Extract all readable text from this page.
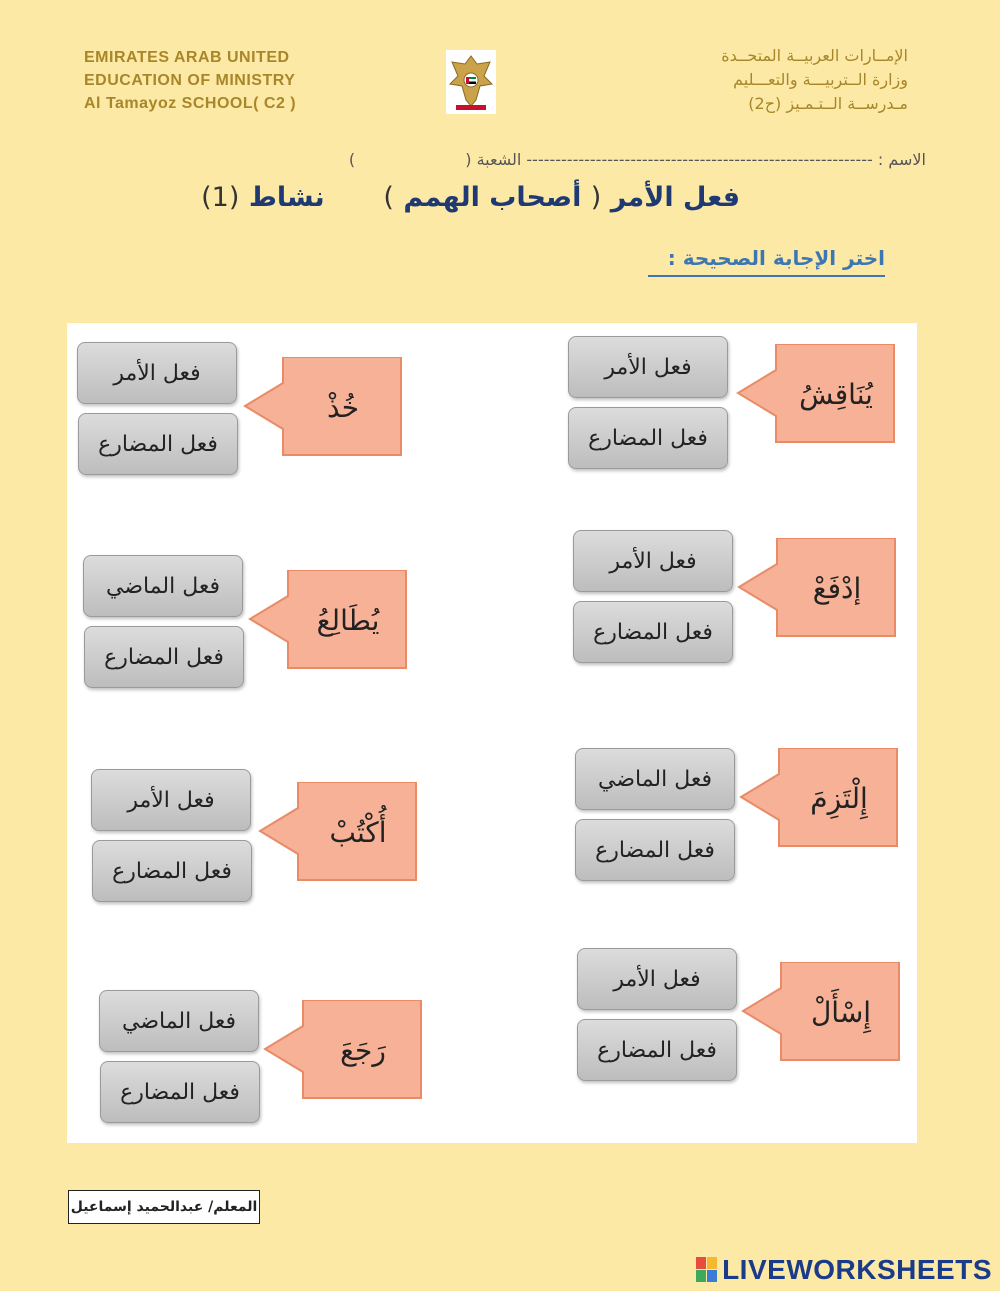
EMIRATES ARAB UNITED
EDUCATION OF MINISTRY
Al Tamayoz SCHOOL( C2 )
الإمــارات العربيــة المتحــدة
وزارة الــتربيـــة والتعـــليم
مـدرســة الــتـمـيز (ح2)
الاسم : ------------------------------------------------------------ الشعبة (  )
فعل الأمر ( أصحاب الهمم )  نشاط (1)
اختر الإجابة الصحيحة :
فعل الأمر
فعل المضارع
يُنَاقِشُ
فعل الأمر
فعل المضارع
إدْفَعْ
فعل الماضي
فعل المضارع
إِلْتَزِمَ
فعل الأمر
فعل المضارع
إِسْأَلْ
فعل الأمر
فعل المضارع
خُذْ
فعل الماضي
فعل المضارع
يُطَالِعُ
فعل الأمر
فعل المضارع
أُكْتُبْ
فعل الماضي
فعل المضارع
رَجَعَ
المعلم/ عبدالحميد إسماعيل
LIVEWORKSHEETS
